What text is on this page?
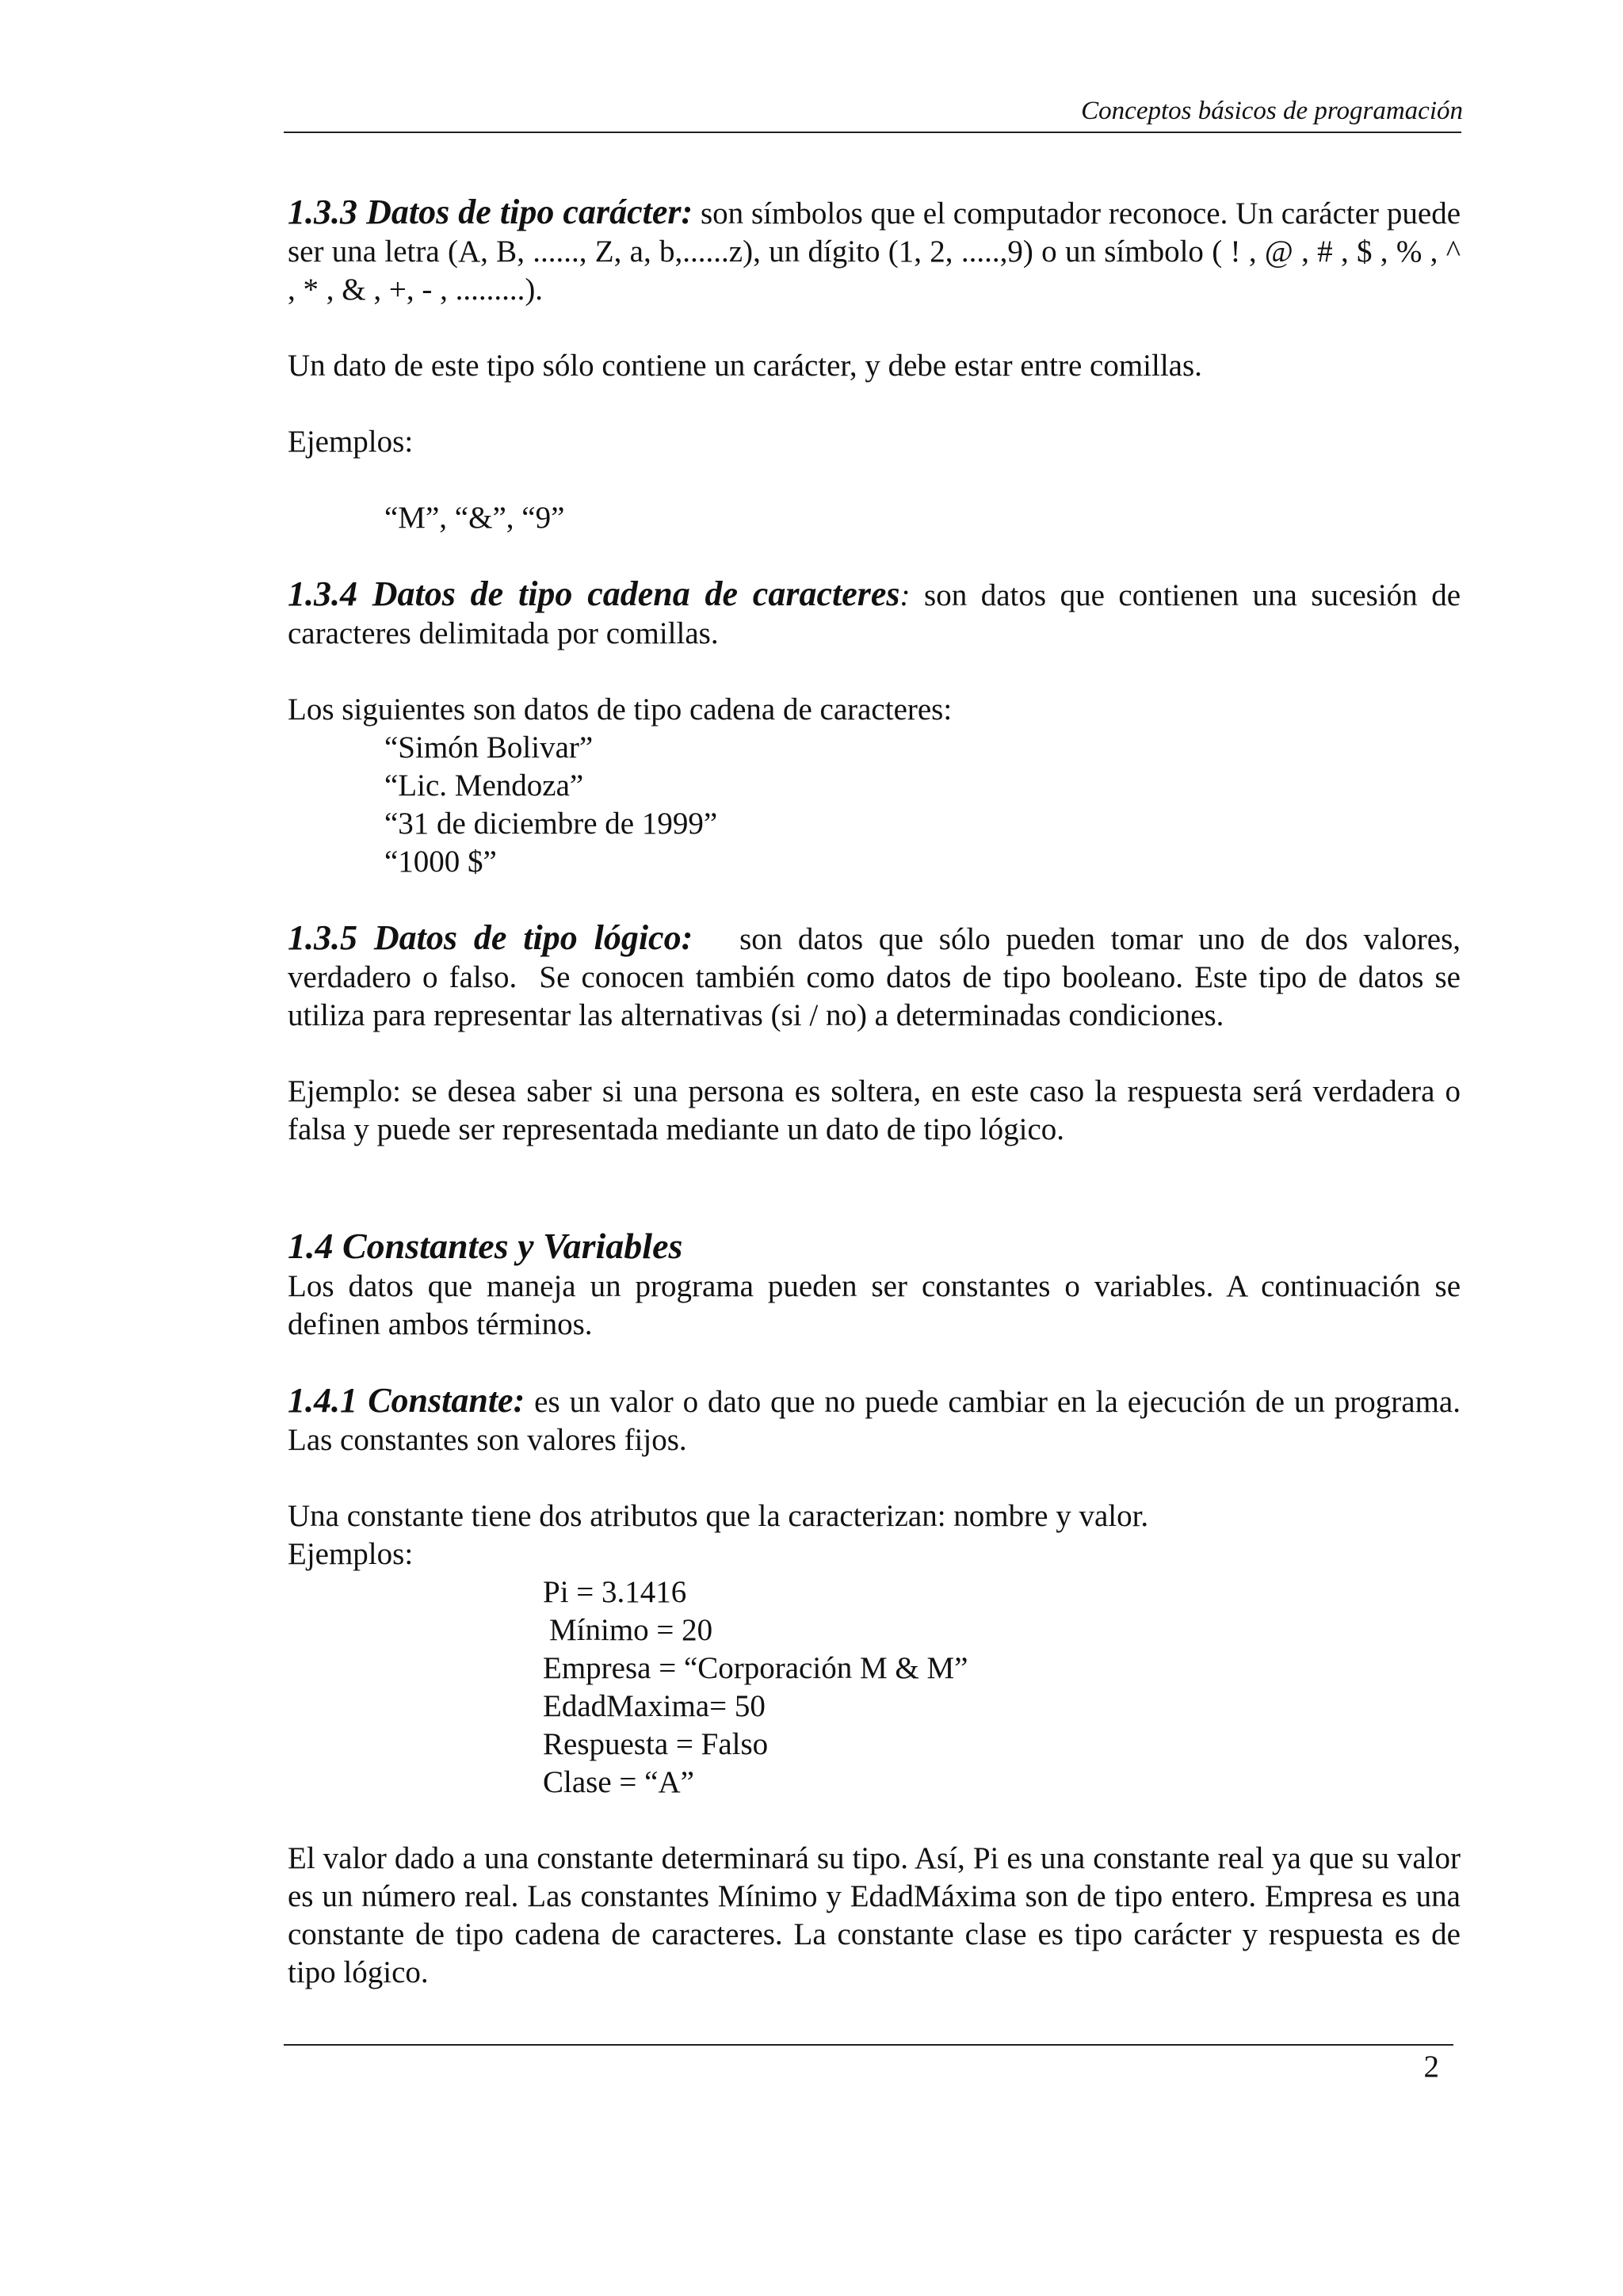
Conceptos básicos de programación

1.3.3 Datos de tipo carácter: son símbolos que el computador reconoce. Un carácter puede ser una letra (A, B, ......, Z, a, b,......z), un dígito (1, 2, .....,9) o un símbolo ( ! , @ , # , $ , % , ^ , * , & , +, - , .........).

Un dato de este tipo sólo contiene un carácter, y debe estar entre comillas.

Ejemplos:

“M”, “&”, “9”

1.3.4 Datos de tipo cadena de caracteres: son datos que contienen una sucesión de caracteres delimitada por comillas.

Los siguientes son datos de tipo cadena de caracteres:

“Simón Bolivar”

“Lic. Mendoza”

“31 de diciembre de 1999”

“1000 $”

1.3.5 Datos de tipo lógico:   son datos que sólo pueden tomar uno de dos valores, verdadero o falso.  Se conocen también como datos de tipo booleano. Este tipo de datos se utiliza para representar las alternativas (si / no) a determinadas condiciones.

Ejemplo: se desea saber si una persona es soltera, en este caso la respuesta será verdadera o falsa y puede ser representada mediante un dato de tipo lógico.

1.4 Constantes y Variables

Los datos que maneja un programa pueden ser constantes o variables. A continuación se definen ambos términos.

1.4.1 Constante: es un valor o dato que no puede cambiar en la ejecución de un programa. Las constantes son valores fijos.

Una constante tiene dos atributos que la caracterizan: nombre y valor.

Ejemplos:

Pi = 3.1416

Mínimo = 20

Empresa = “Corporación M & M”

EdadMaxima= 50

Respuesta = Falso

Clase = “A”

El valor dado a una constante determinará su tipo. Así, Pi es una constante real ya que su valor es un número real. Las constantes Mínimo y EdadMáxima son de tipo entero. Empresa es una constante de tipo cadena de caracteres. La constante clase es tipo carácter y respuesta es de tipo lógico.

2
